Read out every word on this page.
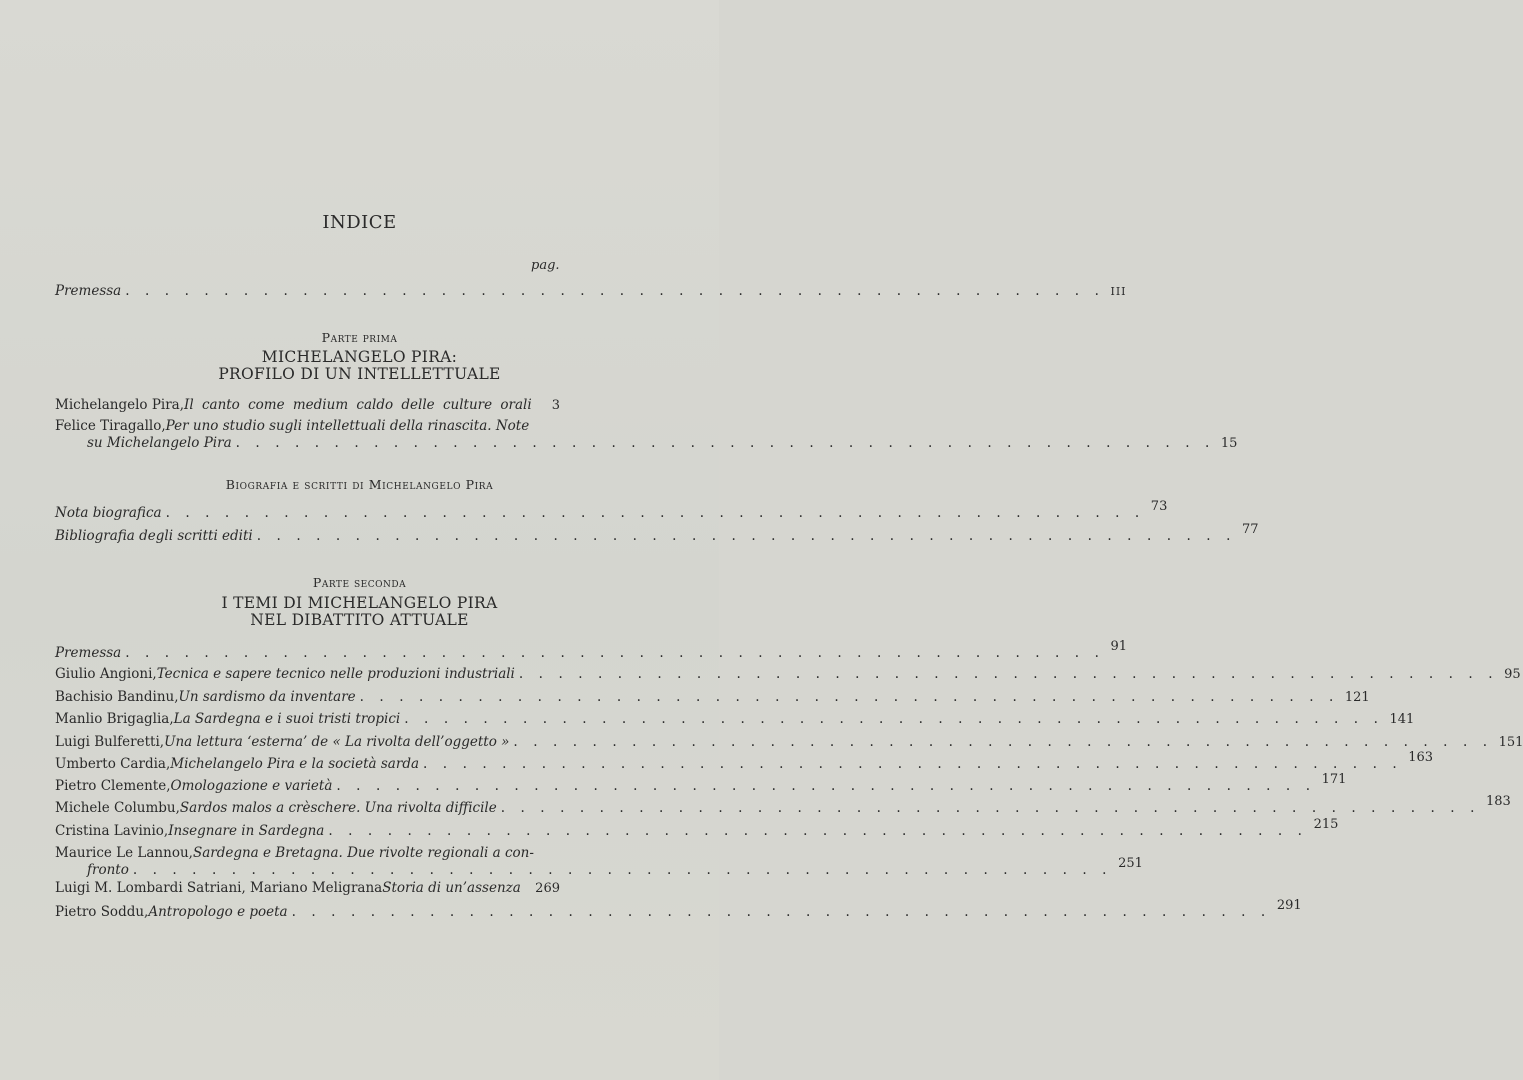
INDICE
pag.
Premessa . . . . . . . . . . . . . . . . . . . . . . . . . . . . . . . . . . . . . . . . . . . . . . . . . . III
Parte prima
MICHELANGELO PIRA:
PROFILO DI UN INTELLETTUALE
Michelangelo Pira, Il canto come medium caldo delle culture orali	3
Felice Tiragallo, Per uno studio sugli intellettuali della rinascita. Note
su Michelangelo Pira . . . . . . . . . . . . . . . . . . . . . . . . . . . . . . . . . . . . . . . . . . . . . . . . . . 15
Biografia e scritti di Michelangelo Pira
Nota biografica . . . . . . . . . . . . . . . . . . . . . . . . . . . . . . . . . . . . . . . . . . . . . . . . . . 73
Bibliografia degli scritti editi . . . . . . . . . . . . . . . . . . . . . . . . . . . . . . . . . . . . . . . . . . . . . . . . . . 77
Parte seconda
I TEMI DI MICHELANGELO PIRA
NEL DIBATTITO ATTUALE
Premessa . . . . . . . . . . . . . . . . . . . . . . . . . . . . . . . . . . . . . . . . . . . . . . . . . . 91
Giulio Angioni, Tecnica e sapere tecnico nelle produzioni industriali . . . . . . . . . . . . . . . . . . . . . . . . . . . . . . . . . . . . . . . . . . . . . . . . . . 95
Bachisio Bandinu, Un sardismo da inventare . . . . . . . . . . . . . . . . . . . . . . . . . . . . . . . . . . . . . . . . . . . . . . . . . . 121
Manlio Brigaglia, La Sardegna e i suoi tristi tropici . . . . . . . . . . . . . . . . . . . . . . . . . . . . . . . . . . . . . . . . . . . . . . . . . . 141
Luigi Bulferetti, Una lettura ‘esterna’ de « La rivolta dell’oggetto » . . . . . . . . . . . . . . . . . . . . . . . . . . . . . . . . . . . . . . . . . . . . . . . . . . 151
Umberto Cardia, Michelangelo Pira e la società sarda . . . . . . . . . . . . . . . . . . . . . . . . . . . . . . . . . . . . . . . . . . . . . . . . . . 163
Pietro Clemente, Omologazione e varietà . . . . . . . . . . . . . . . . . . . . . . . . . . . . . . . . . . . . . . . . . . . . . . . . . . 171
Michele Columbu, Sardos malos a crèschere. Una rivolta difficile . . . . . . . . . . . . . . . . . . . . . . . . . . . . . . . . . . . . . . . . . . . . . . . . . . 183
Cristina Lavinio, Insegnare in Sardegna . . . . . . . . . . . . . . . . . . . . . . . . . . . . . . . . . . . . . . . . . . . . . . . . . . 215
Maurice Le Lannou, Sardegna e Bretagna. Due rivolte regionali a con-
fronto . . . . . . . . . . . . . . . . . . . . . . . . . . . . . . . . . . . . . . . . . . . . . . . . . . 251
Luigi M. Lombardi Satriani, Mariano Meligrana Storia di un’assenza	269
Pietro Soddu, Antropologo e poeta . . . . . . . . . . . . . . . . . . . . . . . . . . . . . . . . . . . . . . . . . . . . . . . . . . 291
